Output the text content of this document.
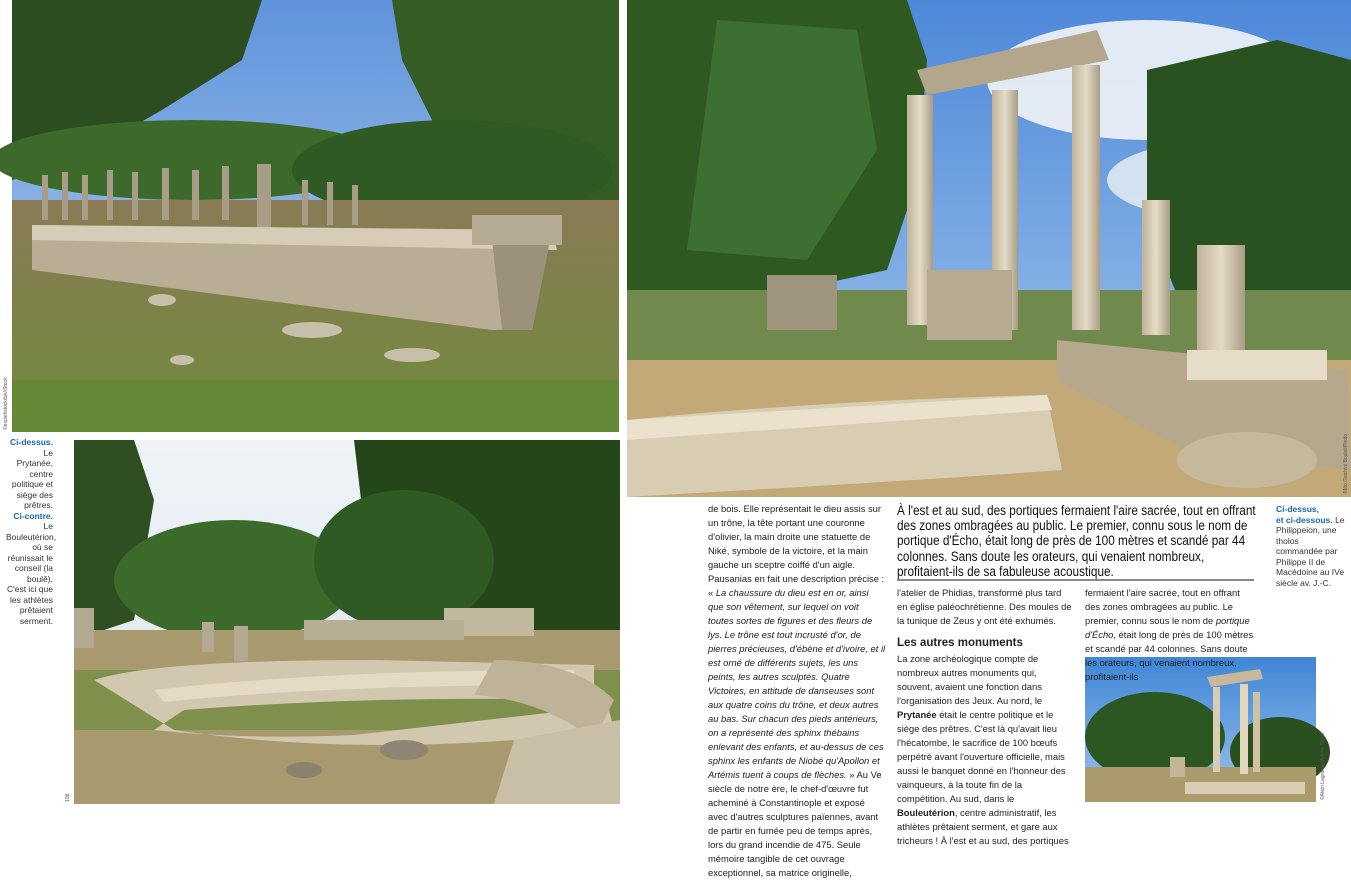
Ci-dessus.
Le Prytanée, centre politique et siège des prêtres.
Ci-contre.
Le Bouleutérion, où se réunissait le conseil (la boulê). C'est ici que les athlètes prêtaient serment.
Ci-dessus,
et ci-dessous. Le Philippeion, une tholos commandée par Philippe II de Macédoine au IVe siècle av. J.-C.
©espiefistockdsk/iStock
©Mo.Giachini Boulet/Photo
©Alain Lagrange/Adobe Stock
108

de bois. Elle représentait le dieu assis sur un trône, la tête portant une couronne d'olivier, la main droite une statuette de Niké, symbole de la victoire, et la main gauche un sceptre coiffé d'un aigle. Pausanias en fait une description précise : « La chaussure du dieu est en or, ainsi que son vêtement, sur lequel on voit toutes sortes de figures et des fleurs de lys. Le trône est tout incrusté d'or, de pierres précieuses, d'ébène et d'ivoire, et il est orné de différents sujets, les uns peints, les autres sculptés. Quatre Victoires, en attitude de danseuses sont aux quatre coins du trône, et deux autres au bas. Sur chacun des pieds antérieurs, on a représenté des sphinx thébains enlevant des enfants, et au-dessus de ces sphinx les enfants de Niobé qu'Apollon et Artémis tuent à coups de flèches. » Au Ve siècle de notre ère, le chef-d'œuvre fut acheminé à Constantinople et exposé avec d'autres sculptures païennes, avant de partir en fumée peu de temps après, lors du grand incendie de 475. Seule mémoire tangible de cet ouvrage exceptionnel, sa matrice originelle,

À l'est et au sud, des portiques fermaient l'aire sacrée, tout en offrant des zones ombragées au public. Le premier, connu sous le nom de portique d'Écho, était long de près de 100 mètres et scandé par 44 colonnes. Sans doute les orateurs, qui venaient nombreux, profitaient-ils de sa fabuleuse acoustique.

l'atelier de Phidias, transformé plus tard en église paléochrétienne. Des moules de la tunique de Zeus y ont été exhumés.

Les autres monuments

La zone archéologique compte de nombreux autres monuments qui, souvent, avaient une fonction dans l'organisation des Jeux. Au nord, le Prytanée était le centre politique et le siège des prêtres. C'est là qu'avait lieu l'hécatombe, le sacrifice de 100 bœufs perpétré avant l'ouverture officielle, mais aussi le banquet donné en l'honneur des vainqueurs, à la toute fin de la compétition. Au sud, dans le Bouleutérion, centre administratif, les athlètes prêtaient serment, et gare aux tricheurs ! À l'est et au sud, des portiques

fermaient l'aire sacrée, tout en offrant des zones ombragées au public. Le premier, connu sous le nom de portique d'Écho, était long de près de 100 mètres et scandé par 44 colonnes. Sans doute les orateurs, qui venaient nombreux, profitaient-ils
